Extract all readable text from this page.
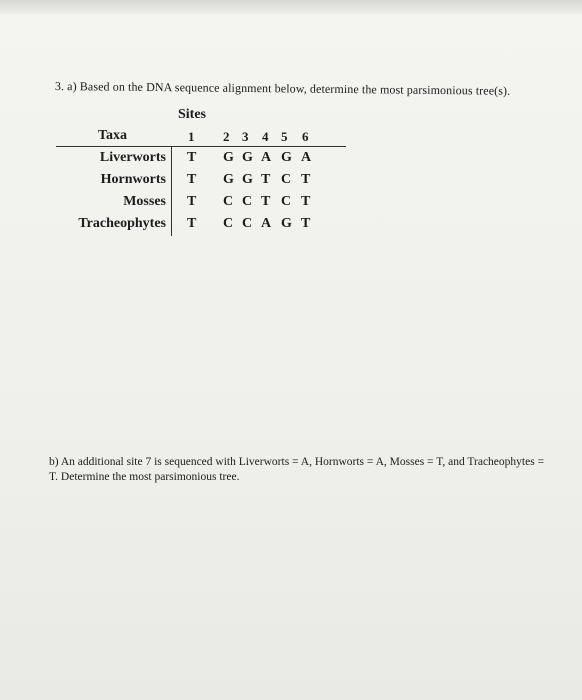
3. a) Based on the DNA sequence alignment below, determine the most parsimonious tree(s).
Sites
Taxa	1 2 3 4 5 6
Liverworts T G G A G A
Hornworts T G G T C T
Mosses T C C T C T
Tracheophytes T C C A G T
b) An additional site 7 is sequenced with Liverworts = A, Hornworts = A, Mosses = T, and Tracheophytes = T. Determine the most parsimonious tree.
